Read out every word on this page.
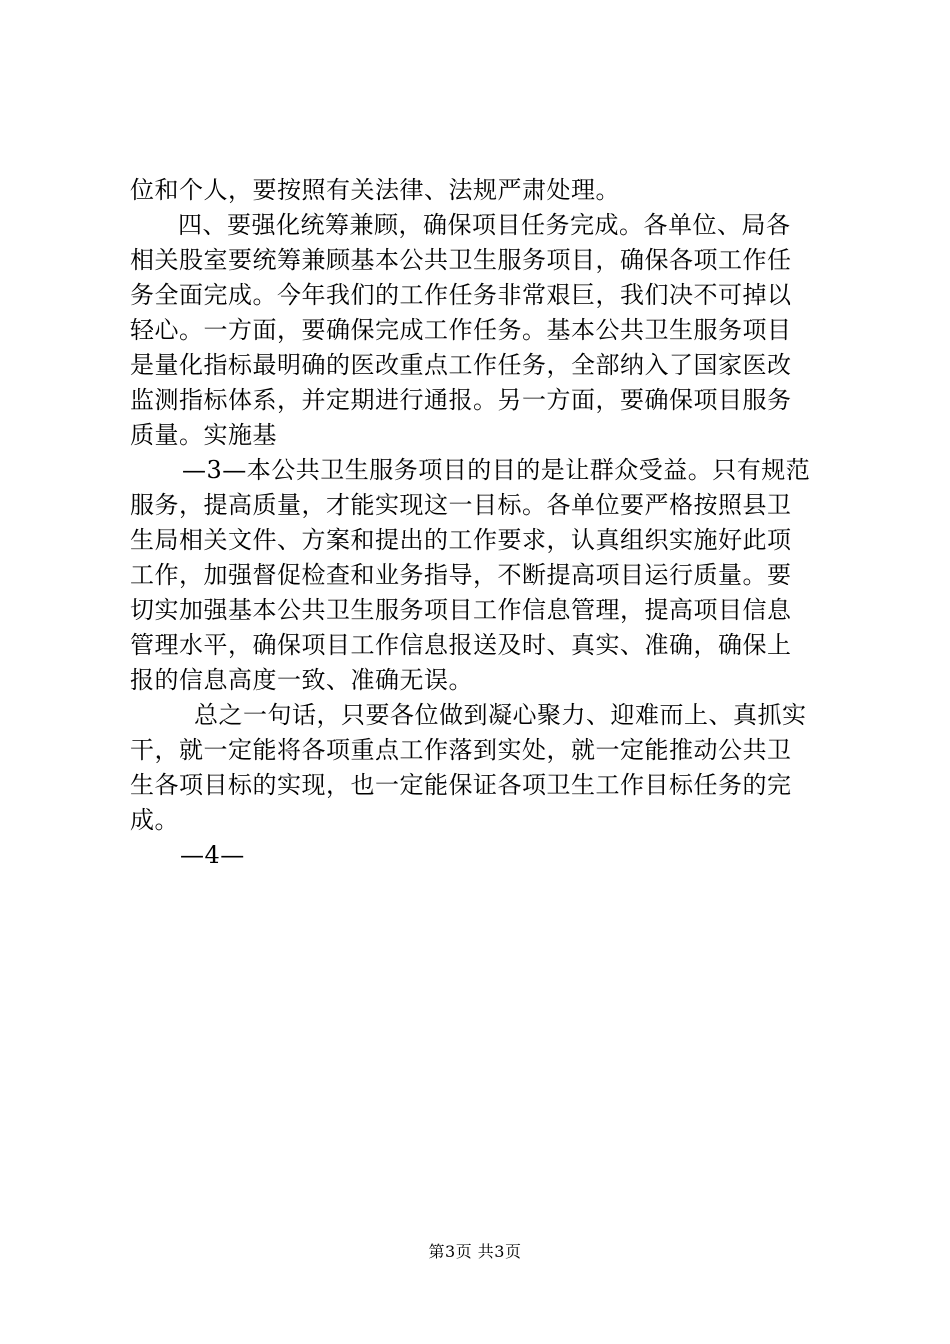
位和个人，要按照有关法律、法规严肃处理。
四、要强化统筹兼顾，确保项目任务完成。各单位、局各
相关股室要统筹兼顾基本公共卫生服务项目，确保各项工作任
务全面完成。今年我们的工作任务非常艰巨，我们决不可掉以
轻心。一方面，要确保完成工作任务。基本公共卫生服务项目
是量化指标最明确的医改重点工作任务，全部纳入了国家医改
监测指标体系，并定期进行通报。另一方面，要确保项目服务
质量。实施基
—3—本公共卫生服务项目的目的是让群众受益。只有规范
服务，提高质量，才能实现这一目标。各单位要严格按照县卫
生局相关文件、方案和提出的工作要求，认真组织实施好此项
工作，加强督促检查和业务指导，不断提高项目运行质量。要
切实加强基本公共卫生服务项目工作信息管理，提高项目信息
管理水平，确保项目工作信息报送及时、真实、准确，确保上
报的信息高度一致、准确无误。
总之一句话，只要各位做到凝心聚力、迎难而上、真抓实
干，就一定能将各项重点工作落到实处，就一定能推动公共卫
生各项目标的实现，也一定能保证各项卫生工作目标任务的完
成。
—4—
第3页 共3页
